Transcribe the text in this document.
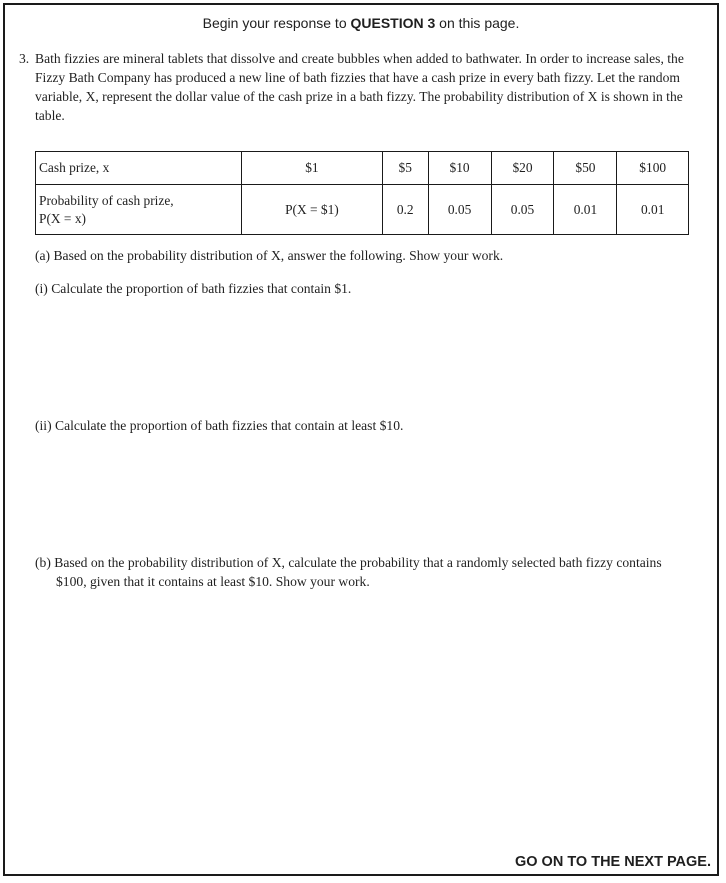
Begin your response to QUESTION 3 on this page.
3. Bath fizzies are mineral tablets that dissolve and create bubbles when added to bathwater. In order to increase sales, the Fizzy Bath Company has produced a new line of bath fizzies that have a cash prize in every bath fizzy. Let the random variable, X, represent the dollar value of the cash prize in a bath fizzy. The probability distribution of X is shown in the table.
Cash prize, x	$1	$5	$10	$20	$50	$100

Probability of cash prize,
P(X = x)	P(X = $1)	0.2	0.05	0.05	0.01	0.01
(a) Based on the probability distribution of X, answer the following. Show your work.
(i) Calculate the proportion of bath fizzies that contain $1.
(ii) Calculate the proportion of bath fizzies that contain at least $10.
(b) Based on the probability distribution of X, calculate the probability that a randomly selected bath fizzy contains $100, given that it contains at least $10. Show your work.
GO ON TO THE NEXT PAGE.
